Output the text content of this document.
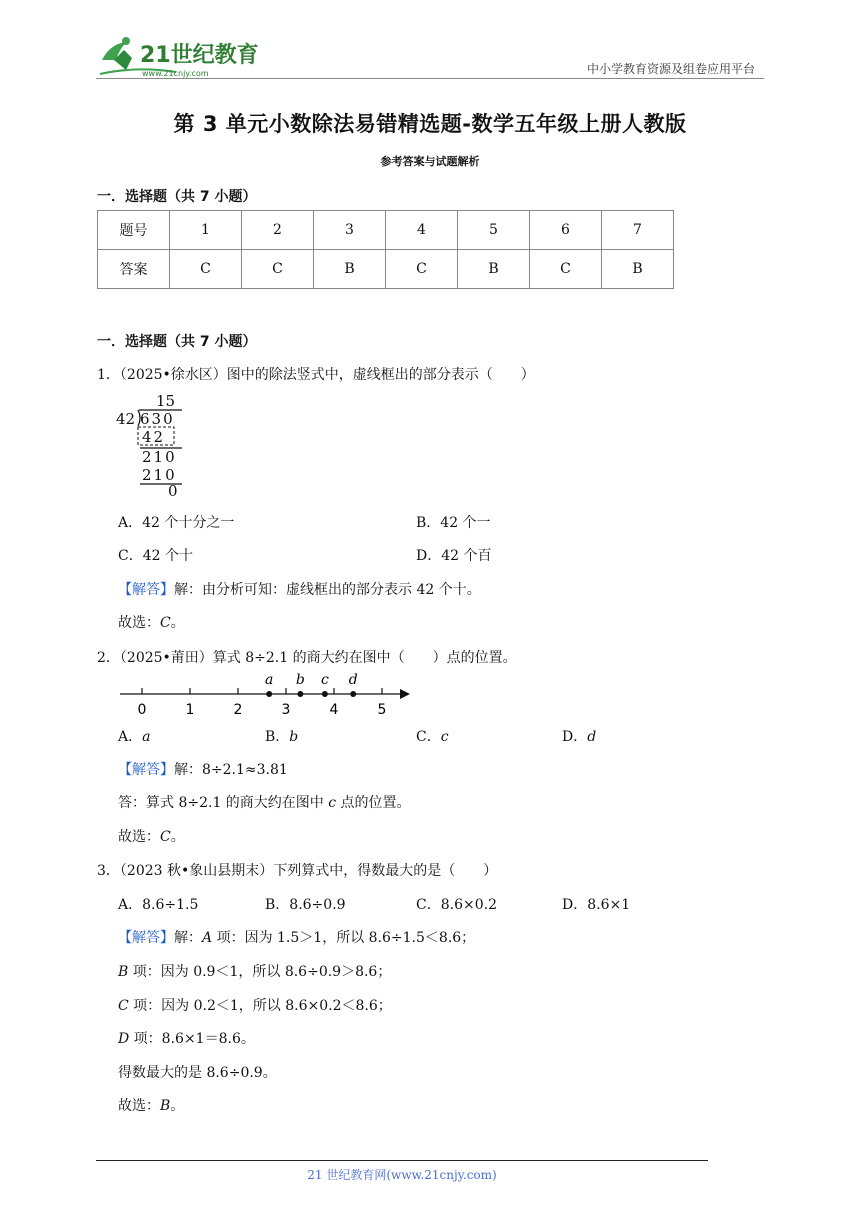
21世纪教育
www.21cnjy.com	中小学教育资源及组卷应用平台
第 3 单元小数除法易错精选题-数学五年级上册人教版
参考答案与试题解析
一．选择题（共 7 小题）
题号	1	2	3	4	5	6	7
答案	C	C	B	C	B	C	B
一．选择题（共 7 小题）
1．（2025•徐水区）图中的除法竖式中，虚线框出的部分表示（　　）
15
42 630
42
210
210
0
A．42 个十分之一	B．42 个一
C．42 个十	D．42 个百
【解答】解：由分析可知：虚线框出的部分表示 42 个十。
故选：C。
2．（2025•莆田）算式 8÷2.1 的商大约在图中（　　）点的位置。
0	1	2	3	4	5
a b c d
A．a	B．b	C．c	D．d
【解答】解：8÷2.1≈3.81
答：算式 8÷2.1 的商大约在图中 c 点的位置。
故选：C。
3．（2023 秋•象山县期末）下列算式中，得数最大的是（　　）
A．8.6÷1.5	B．8.6÷0.9	C．8.6×0.2	D．8.6×1
【解答】解：A 项：因为 1.5＞1，所以 8.6÷1.5＜8.6；
B 项：因为 0.9＜1，所以 8.6÷0.9＞8.6；
C 项：因为 0.2＜1，所以 8.6×0.2＜8.6；
D 项：8.6×1＝8.6。
得数最大的是 8.6÷0.9。
故选：B。
21 世纪教育网(www.21cnjy.com)
